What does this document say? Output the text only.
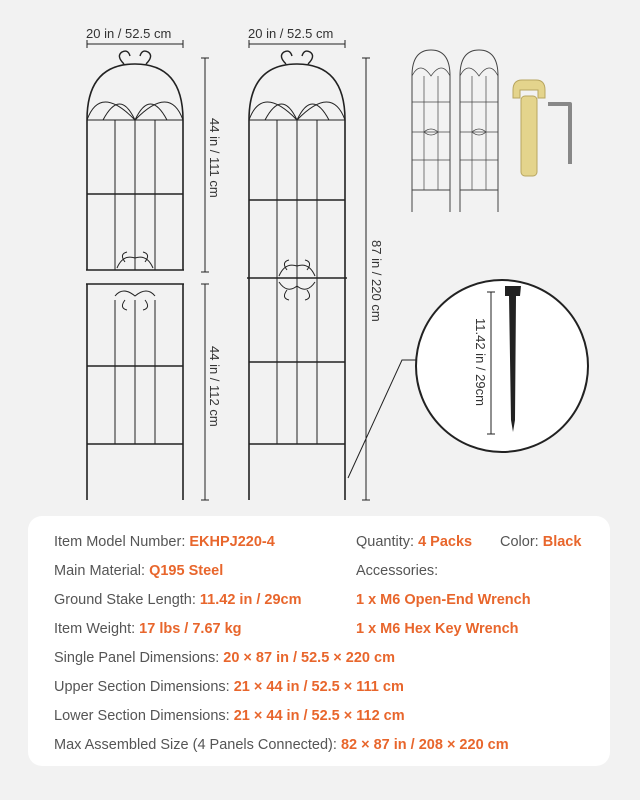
20 in / 52.5 cm
44 in / 111 cm
44 in / 112 cm
20 in / 52.5 cm
87 in / 220 cm
11.42 in / 29cm
Item Model Number: EKHPJ220-4
Main Material: Q195 Steel
Ground Stake Length: 11.42 in / 29cm
Item Weight: 17 lbs / 7.67 kg
Single Panel Dimensions: 20 × 87 in / 52.5 × 220 cm
Upper Section Dimensions: 21 × 44 in / 52.5 × 111 cm
Lower Section Dimensions: 21 × 44 in / 52.5 × 112 cm
Max Assembled Size (4 Panels Connected): 82 × 87 in / 208 × 220 cm
Quantity: 4 Packs Color: Black
Accessories:
1 x M6 Open-End Wrench
1 x M6 Hex Key Wrench
